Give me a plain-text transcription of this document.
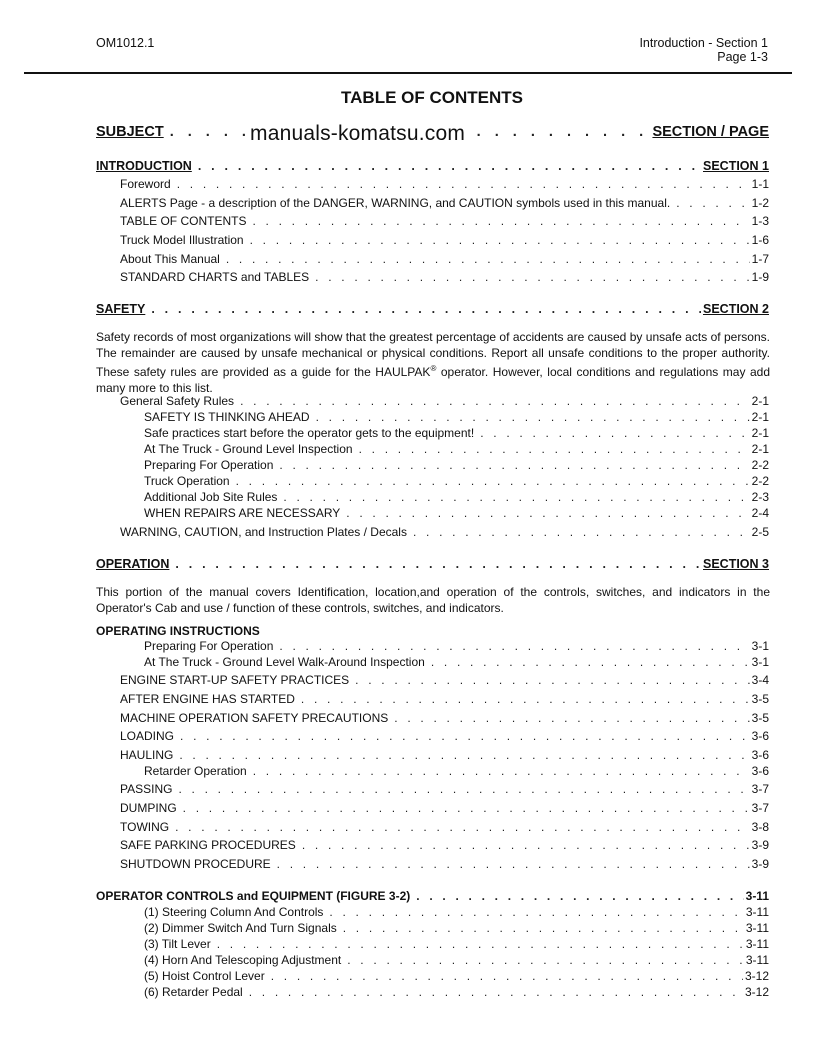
OM1012.1	Introduction - Section 1
Page 1-3
TABLE OF CONTENTS
SUBJECT . . .	SECTION / PAGE
manuals-komatsu.com
INTRODUCTION . . .	SECTION 1
Foreword . . .	1-1
ALERTS Page - a description of the DANGER, WARNING, and CAUTION symbols used in this manual. . . .	1-2
TABLE OF CONTENTS . . .	1-3
Truck Model Illustration . . .	1-6
About This Manual . . .	1-7
STANDARD CHARTS and TABLES . . .	1-9
SAFETY . . .	SECTION 2
Safety records of most organizations will show that the greatest percentage of accidents are caused by unsafe acts of persons. The remainder are caused by unsafe mechanical or physical conditions. Report all unsafe conditions to the proper authority. These safety rules are provided as a guide for the HAULPAK® operator. However, local conditions and regulations may add many more to this list.
General Safety Rules . . .	2-1
SAFETY IS THINKING AHEAD . . .	2-1
Safe practices start before the operator gets to the equipment! . . .	2-1
At The Truck - Ground Level Inspection . . .	2-1
Preparing For Operation . . .	2-2
Truck Operation . . .	2-2
Additional Job Site Rules . . .	2-3
WHEN REPAIRS ARE NECESSARY . . .	2-4
WARNING, CAUTION, and Instruction Plates / Decals . . .	2-5
OPERATION . . .	SECTION 3
This portion of the manual covers Identification, location,and operation of the controls, switches, and indicators in the Operator's Cab and use / function of these controls, switches, and indicators.
OPERATING INSTRUCTIONS
Preparing For Operation . . .	3-1
At The Truck - Ground Level Walk-Around Inspection . . .	3-1
ENGINE START-UP SAFETY PRACTICES . . .	3-4
AFTER ENGINE HAS STARTED . . .	3-5
MACHINE OPERATION SAFETY PRECAUTIONS . . .	3-5
LOADING . . .	3-6
HAULING . . .	3-6
Retarder Operation . . .	3-6
PASSING . . .	3-7
DUMPING . . .	3-7
TOWING . . .	3-8
SAFE PARKING PROCEDURES . . .	3-9
SHUTDOWN PROCEDURE . . .	3-9
OPERATOR CONTROLS and EQUIPMENT (FIGURE 3-2) . . .	3-11
(1) Steering Column And Controls . . .	3-11
(2) Dimmer Switch And Turn Signals . . .	3-11
(3) Tilt Lever . . .	3-11
(4) Horn And Telescoping Adjustment . . .	3-11
(5) Hoist Control Lever . . .	3-12
(6) Retarder Pedal . . .	3-12
